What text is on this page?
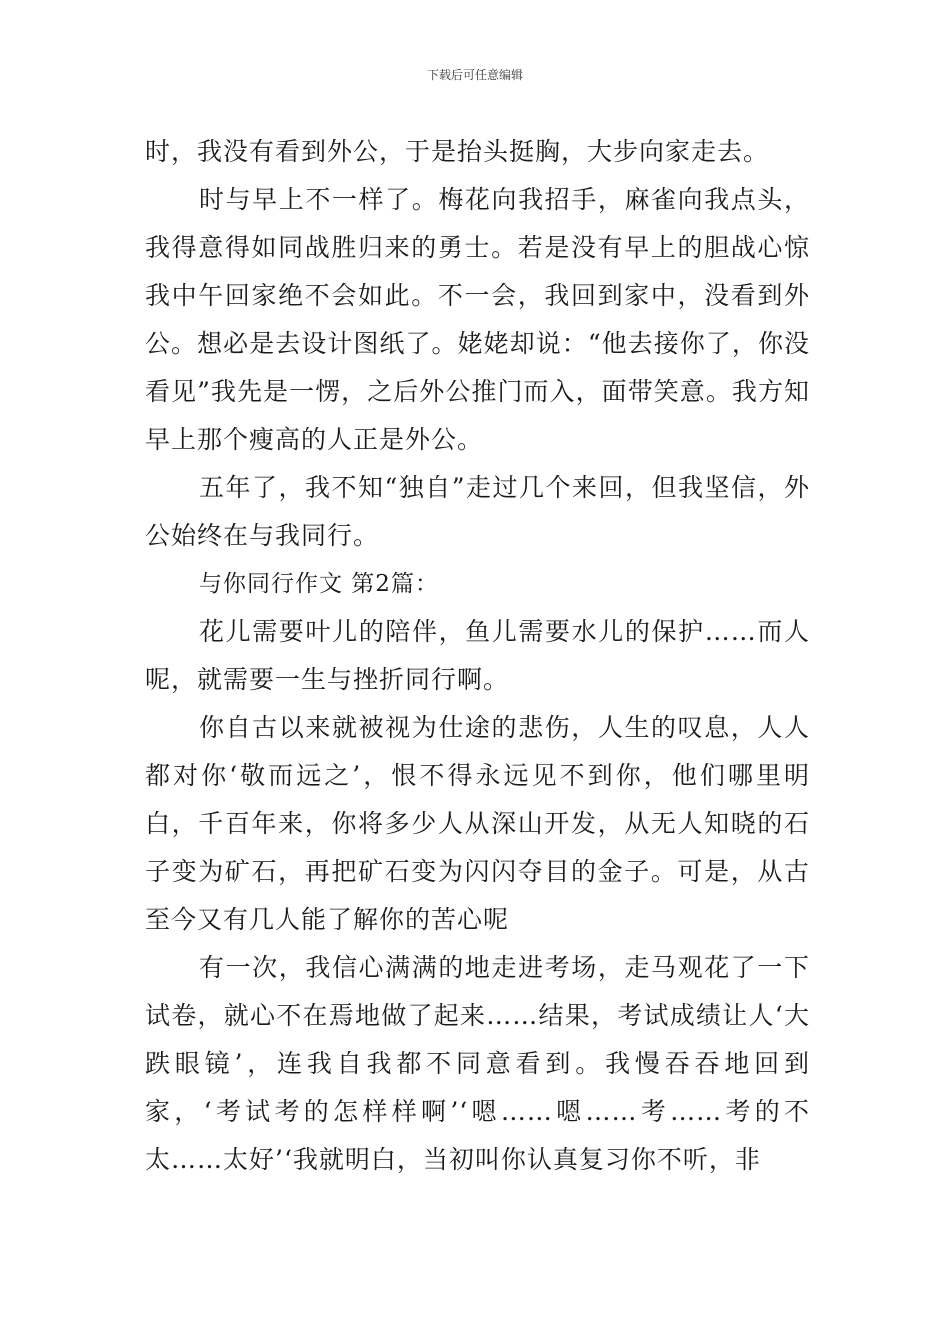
下载后可任意编辑

时，我没有看到外公，于是抬头挺胸，大步向家走去。

时与早上不一样了。梅花向我招手，麻雀向我点头，我得意得如同战胜归来的勇士。若是没有早上的胆战心惊我中午回家绝不会如此。不一会，我回到家中，没看到外公。想必是去设计图纸了。姥姥却说：“他去接你了，你没看见”我先是一愣，之后外公推门而入，面带笑意。我方知早上那个瘦高的人正是外公。

五年了，我不知“独自”走过几个来回，但我坚信，外公始终在与我同行。

与你同行作文 第2篇：

花儿需要叶儿的陪伴，鱼儿需要水儿的保护……而人呢，就需要一生与挫折同行啊。

你自古以来就被视为仕途的悲伤，人生的叹息，人人都对你‘敬而远之’，恨不得永远见不到你，他们哪里明白，千百年来，你将多少人从深山开发，从无人知晓的石子变为矿石，再把矿石变为闪闪夺目的金子。可是，从古至今又有几人能了解你的苦心呢

有一次，我信心满满的地走进考场，走马观花了一下试卷，就心不在焉地做了起来……结果，考试成绩让人‘大跌眼镜’，连我自我都不同意看到。我慢吞吞地回到家，‘考试考的怎样样啊’‘嗯……嗯……考……考的不太……太好’‘我就明白，当初叫你认真复习你不听，非
